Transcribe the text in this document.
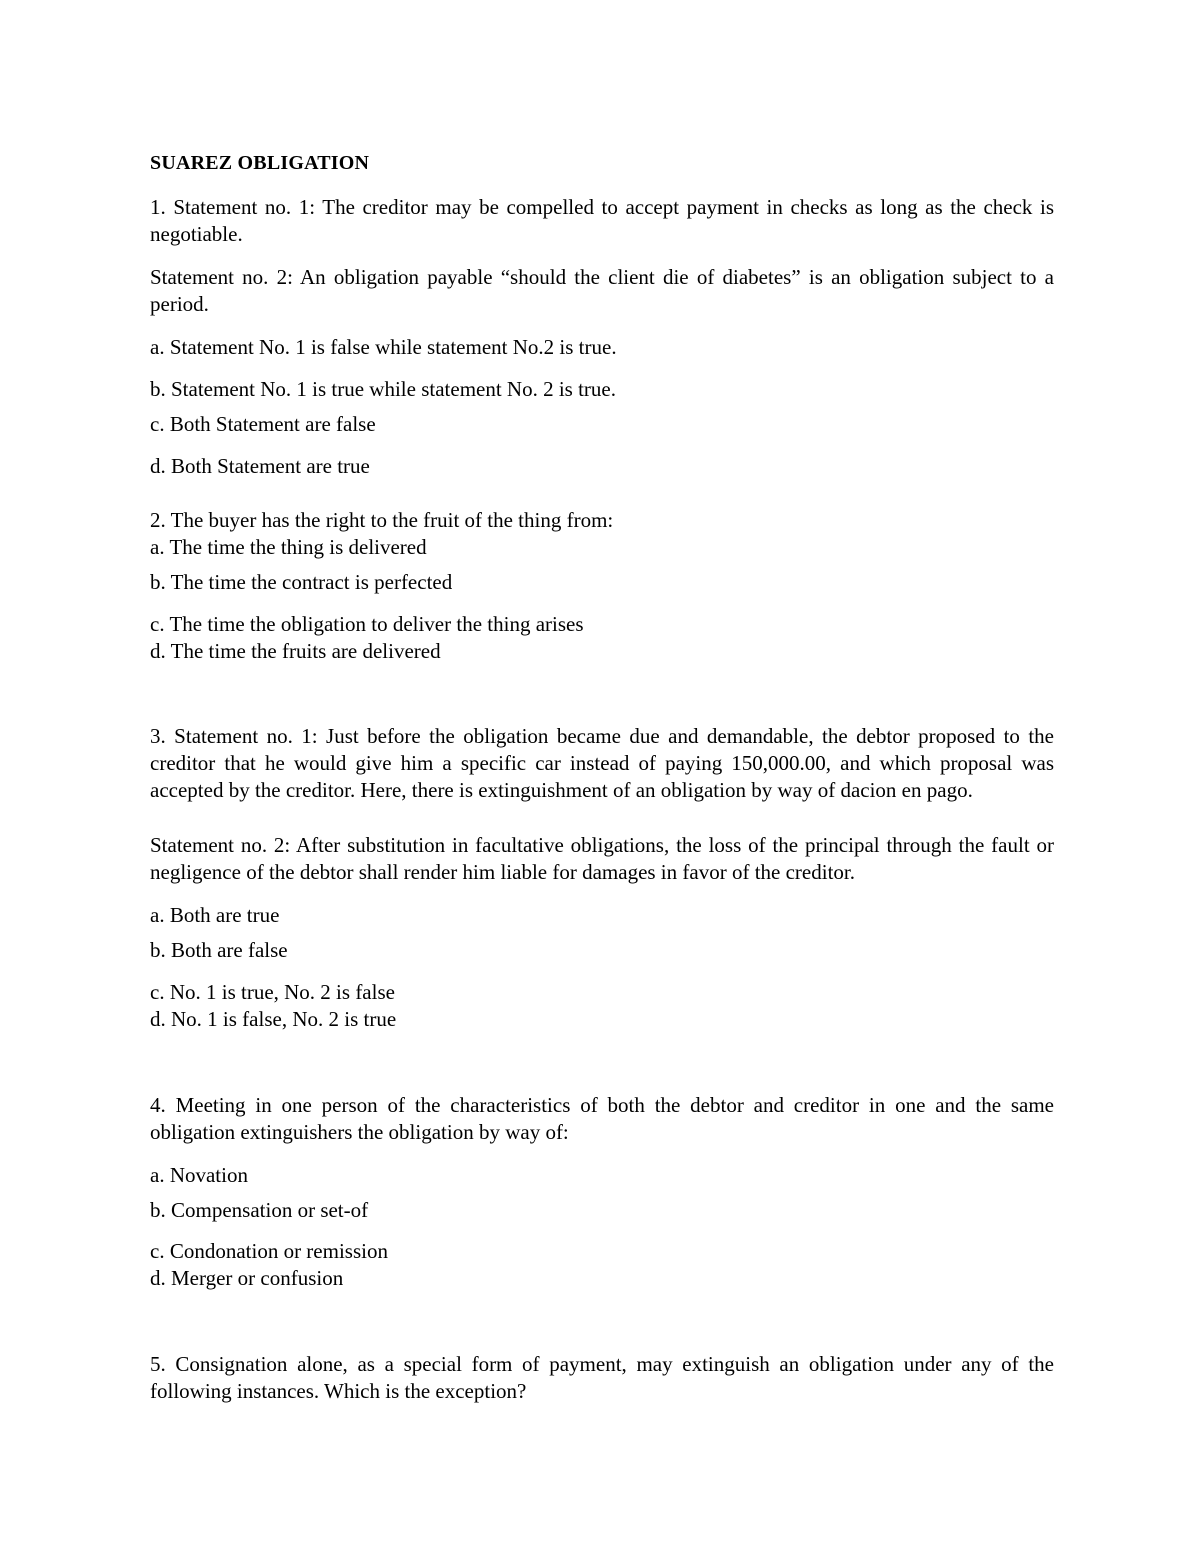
SUAREZ OBLIGATION
1. Statement no. 1: The creditor may be compelled to accept payment in checks as long as the check is negotiable.
Statement no. 2: An obligation payable “should the client die of diabetes” is an obligation subject to a period.
a. Statement No. 1 is false while statement No.2 is true.
b. Statement No. 1 is true while statement No. 2 is true.
c. Both Statement are false
d. Both Statement are true
2. The buyer has the right to the fruit of the thing from:
a. The time the thing is delivered
b. The time the contract is perfected
c. The time the obligation to deliver the thing arises
d. The time the fruits are delivered
3. Statement no. 1: Just before the obligation became due and demandable, the debtor proposed to the creditor that he would give him a specific car instead of paying 150,000.00, and which proposal was accepted by the creditor. Here, there is extinguishment of an obligation by way of dacion en pago.
Statement no. 2: After substitution in facultative obligations, the loss of the principal through the fault or negligence of the debtor shall render him liable for damages in favor of the creditor.
a. Both are true
b. Both are false
c. No. 1 is true, No. 2 is false
d. No. 1 is false, No. 2 is true
4. Meeting in one person of the characteristics of both the debtor and creditor in one and the same obligation extinguishers the obligation by way of:
a. Novation
b. Compensation or set-of
c. Condonation or remission
d. Merger or confusion
5. Consignation alone, as a special form of payment, may extinguish an obligation under any of the following instances. Which is the exception?
